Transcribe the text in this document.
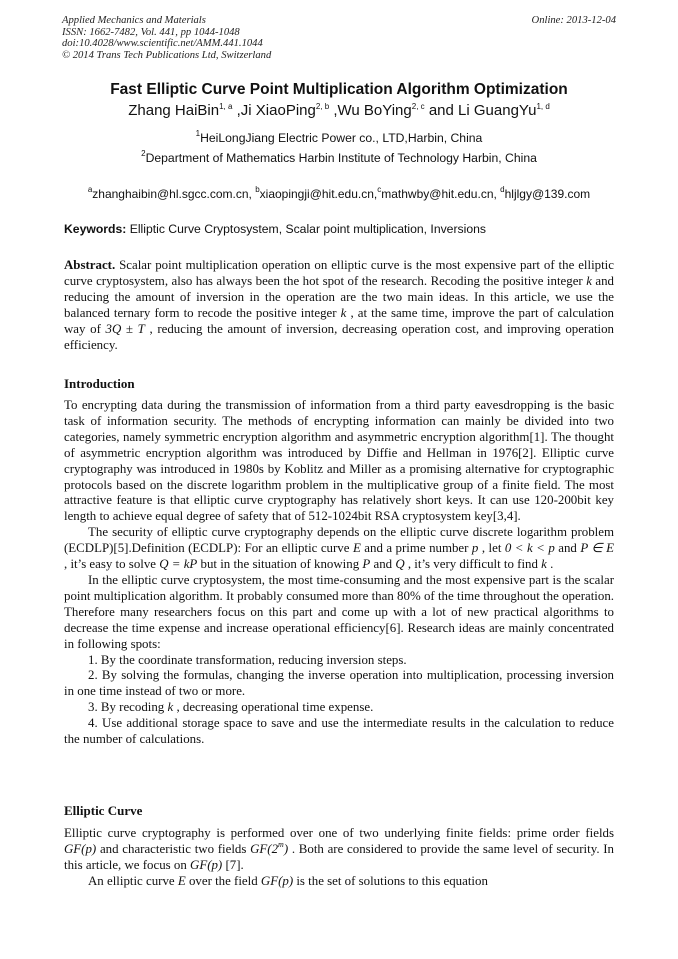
Applied Mechanics and Materials
ISSN: 1662-7482, Vol. 441, pp 1044-1048
doi:10.4028/www.scientific.net/AMM.441.1044
© 2014 Trans Tech Publications Ltd, Switzerland
Online: 2013-12-04
Fast Elliptic Curve Point Multiplication Algorithm Optimization
Zhang HaiBin$^{1, a}$ ,Ji XiaoPing$^{2, b}$ ,Wu BoYing$^{2, c}$ and Li GuangYu$^{1, d}$
$^1$HeiLongJiang Electric Power co., LTD,Harbin, China
$^2$Department of Mathematics Harbin Institute of Technology Harbin, China
$^a$zhanghaibin@hl.sgcc.com.cn, $^b$xiaopingji@hit.edu.cn,$^c$mathwby@hit.edu.cn, $^d$hljlgy@139.com
Keywords: Elliptic Curve Cryptosystem, Scalar point multiplication, Inversions

Abstract. Scalar point multiplication operation on elliptic curve is the most expensive part of the elliptic curve cryptosystem, also has always been the hot spot of the research. Recoding the positive integer k and reducing the amount of inversion in the operation are the two main ideas. In this article, we use the balanced ternary form to recode the positive integer k , at the same time, improve the part of calculation way of 3Q ± T , reducing the amount of inversion, decreasing operation cost, and improving operation efficiency.

Introduction

To encrypting data during the transmission of information from a third party eavesdropping is the basic task of information security. The methods of encrypting information can mainly be divided into two categories, namely symmetric encryption algorithm and asymmetric encryption algorithm[1]. The thought of asymmetric encryption algorithm was introduced by Diffie and Hellman in 1976[2]. Elliptic curve cryptography was introduced in 1980s by Koblitz and Miller as a promising alternative for cryptographic protocols based on the discrete logarithm problem in the multiplicative group of a finite field. The most attractive feature is that elliptic curve cryptography has relatively short keys. It can use 120-200bit key length to achieve equal degree of safety that of 512-1024bit RSA cryptosystem key[3,4].

The security of elliptic curve cryptography depends on the elliptic curve discrete logarithm problem (ECDLP)[5].Definition (ECDLP): For an elliptic curve E and a prime number p , let 0 < k < p and P ∈ E , it’s easy to solve Q = kP but in the situation of knowing P and Q , it’s very difficult to find k .

In the elliptic curve cryptosystem, the most time-consuming and the most expensive part is the scalar point multiplication algorithm. It probably consumed more than 80% of the time throughout the operation. Therefore many researchers focus on this part and come up with a lot of new practical algorithms to decrease the time expense and increase operational efficiency[6]. Research ideas are mainly concentrated in following spots:

1. By the coordinate transformation, reducing inversion steps.

2. By solving the formulas, changing the inverse operation into multiplication, processing inversion in one time instead of two or more.

3. By recoding k , decreasing operational time expense.

4. Use additional storage space to save and use the intermediate results in the calculation to reduce the number of calculations.

Elliptic Curve

Elliptic curve cryptography is performed over one of two underlying finite fields: prime order fields GF(p) and characteristic two fields GF(2$^m$) . Both are considered to provide the same level of security. In this article, we focus on GF(p) [7].

An elliptic curve E over the field GF(p) is the set of solutions to this equation
